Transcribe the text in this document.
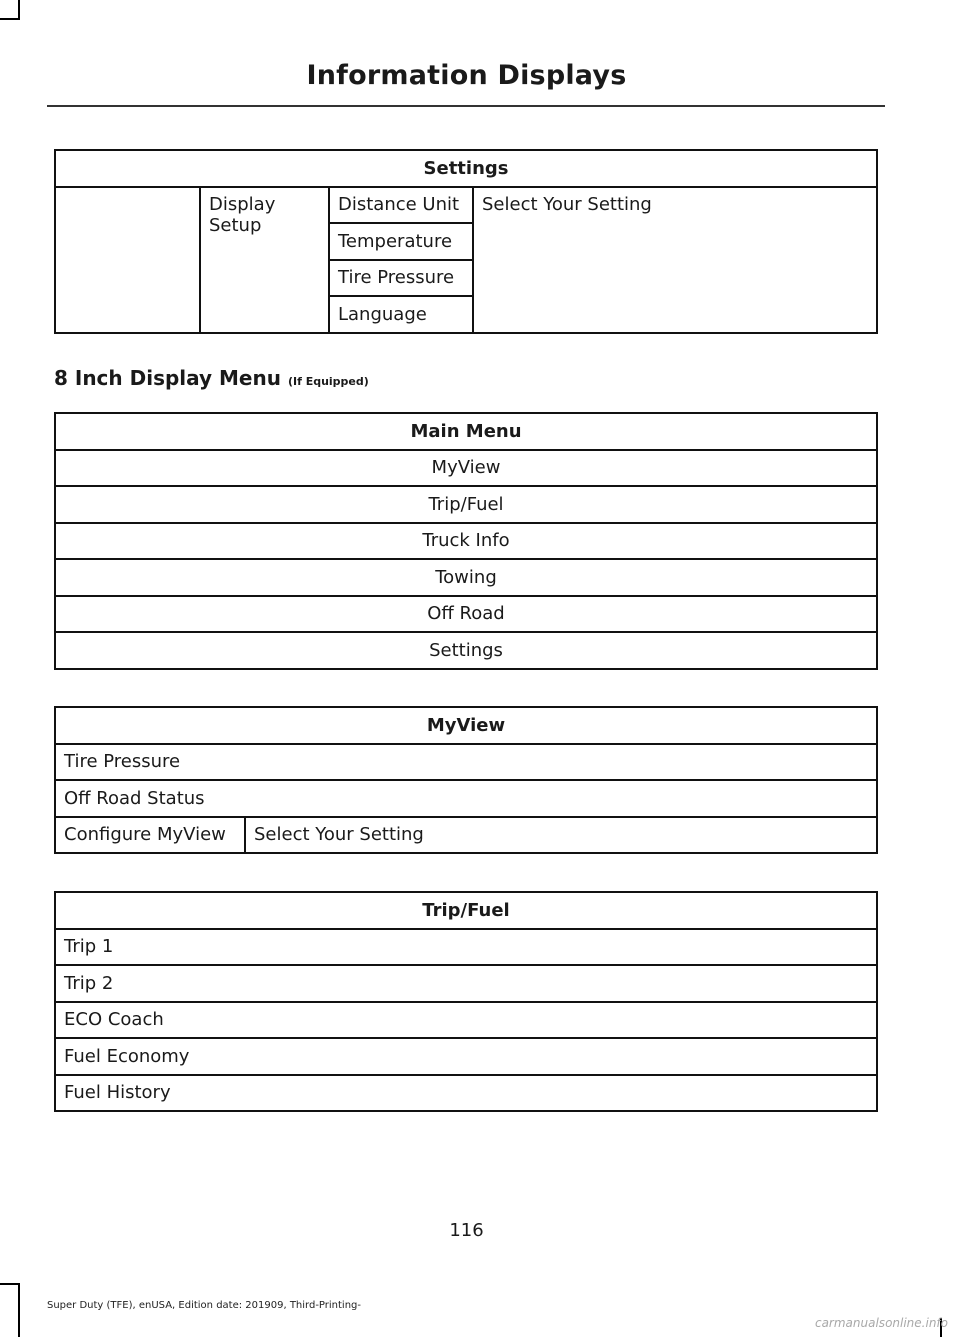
Information Displays
Settings
	Display Setup	Distance Unit	Select Your Setting
Temperature
Tire Pressure
Language
8 Inch Display Menu (If Equipped)
Main Menu
MyView
Trip/Fuel
Truck Info
Towing
Off Road
Settings
MyView
Tire Pressure
Off Road Status
Configure MyView	Select Your Setting
Trip/Fuel
Trip 1
Trip 2
ECO Coach
Fuel Economy
Fuel History
116
Super Duty (TFE), enUSA, Edition date: 201909, Third-Printing-
carmanualsonline.info
